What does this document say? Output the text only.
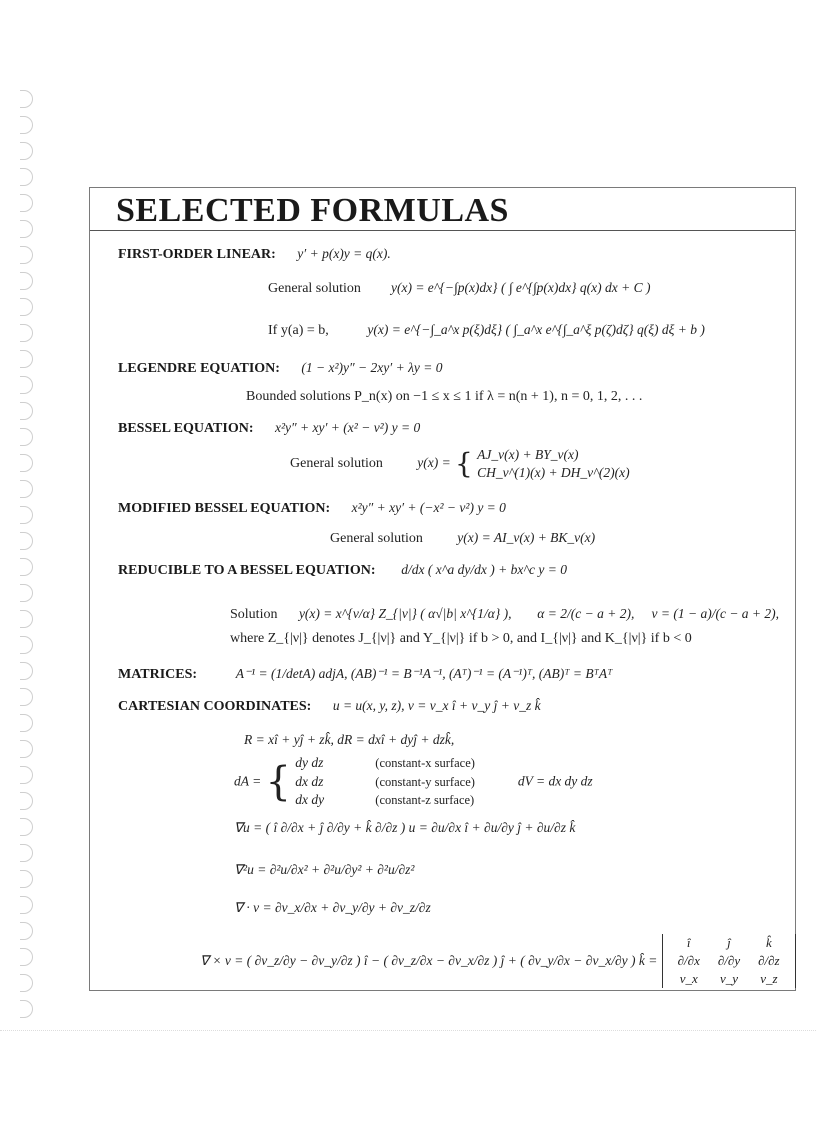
SELECTED FORMULAS
FIRST-ORDER LINEAR: y′ + p(x)y = q(x).
General solution y(x) = e^{−∫p(x)dx} ( ∫ e^{∫p(x)dx} q(x) dx + C )
If y(a) = b,	y(x) = e^{−∫_a^x p(ξ)dξ} ( ∫_a^x e^{∫_a^ξ p(ζ)dζ} q(ξ) dξ + b )
LEGENDRE EQUATION: (1 − x²)y″ − 2xy′ + λy = 0
Bounded solutions P_n(x) on −1 ≤ x ≤ 1 if λ = n(n + 1), n = 0, 1, 2, . . .
BESSEL EQUATION: x²y″ + xy′ + (x² − ν²) y = 0
General solution	y(x) = { AJ_ν(x) + BY_ν(x)
CH_ν^(1)(x) + DH_ν^(2)(x)
MODIFIED BESSEL EQUATION: x²y″ + xy′ + (−x² − ν²) y = 0
General solution	y(x) = AI_ν(x) + BK_ν(x)
REDUCIBLE TO A BESSEL EQUATION: d/dx ( x^a dy/dx ) + bx^c y = 0
Solution y(x) = x^{ν/α} Z_{|ν|} ( α√|b| x^{1/α} ), α = 2/(c − a + 2), ν = (1 − a)/(c − a + 2),
where Z_{|ν|} denotes J_{|ν|} and Y_{|ν|} if b > 0, and I_{|ν|} and K_{|ν|} if b < 0
MATRICES:	A⁻¹ = (1/detA) adjA, (AB)⁻¹ = B⁻¹A⁻¹, (Aᵀ)⁻¹ = (A⁻¹)ᵀ, (AB)ᵀ = BᵀAᵀ
CARTESIAN COORDINATES: u = u(x, y, z), v = v_x î + v_y ĵ + v_z k̂
R = xî + yĵ + zk̂, dR = dxî + dyĵ + dzk̂,
dA = { dy dz	(constant-x surface)
dx dz	(constant-y surface)
dx dy	(constant-z surface)
dV = dx dy dz
∇u = ( î ∂/∂x + ĵ ∂/∂y + k̂ ∂/∂z ) u = ∂u/∂x î + ∂u/∂y ĵ + ∂u/∂z k̂
∇²u = ∂²u/∂x² + ∂²u/∂y² + ∂²u/∂z²
∇ · v = ∂v_x/∂x + ∂v_y/∂y + ∂v_z/∂z
∇ × v = ( ∂v_z/∂y − ∂v_y/∂z ) î − ( ∂v_z/∂x − ∂v_x/∂z ) ĵ + ( ∂v_y/∂x − ∂v_x/∂y ) k̂ =
î	ĵ	k̂
∂/∂x	∂/∂y	∂/∂z
v_x	v_y	v_z
